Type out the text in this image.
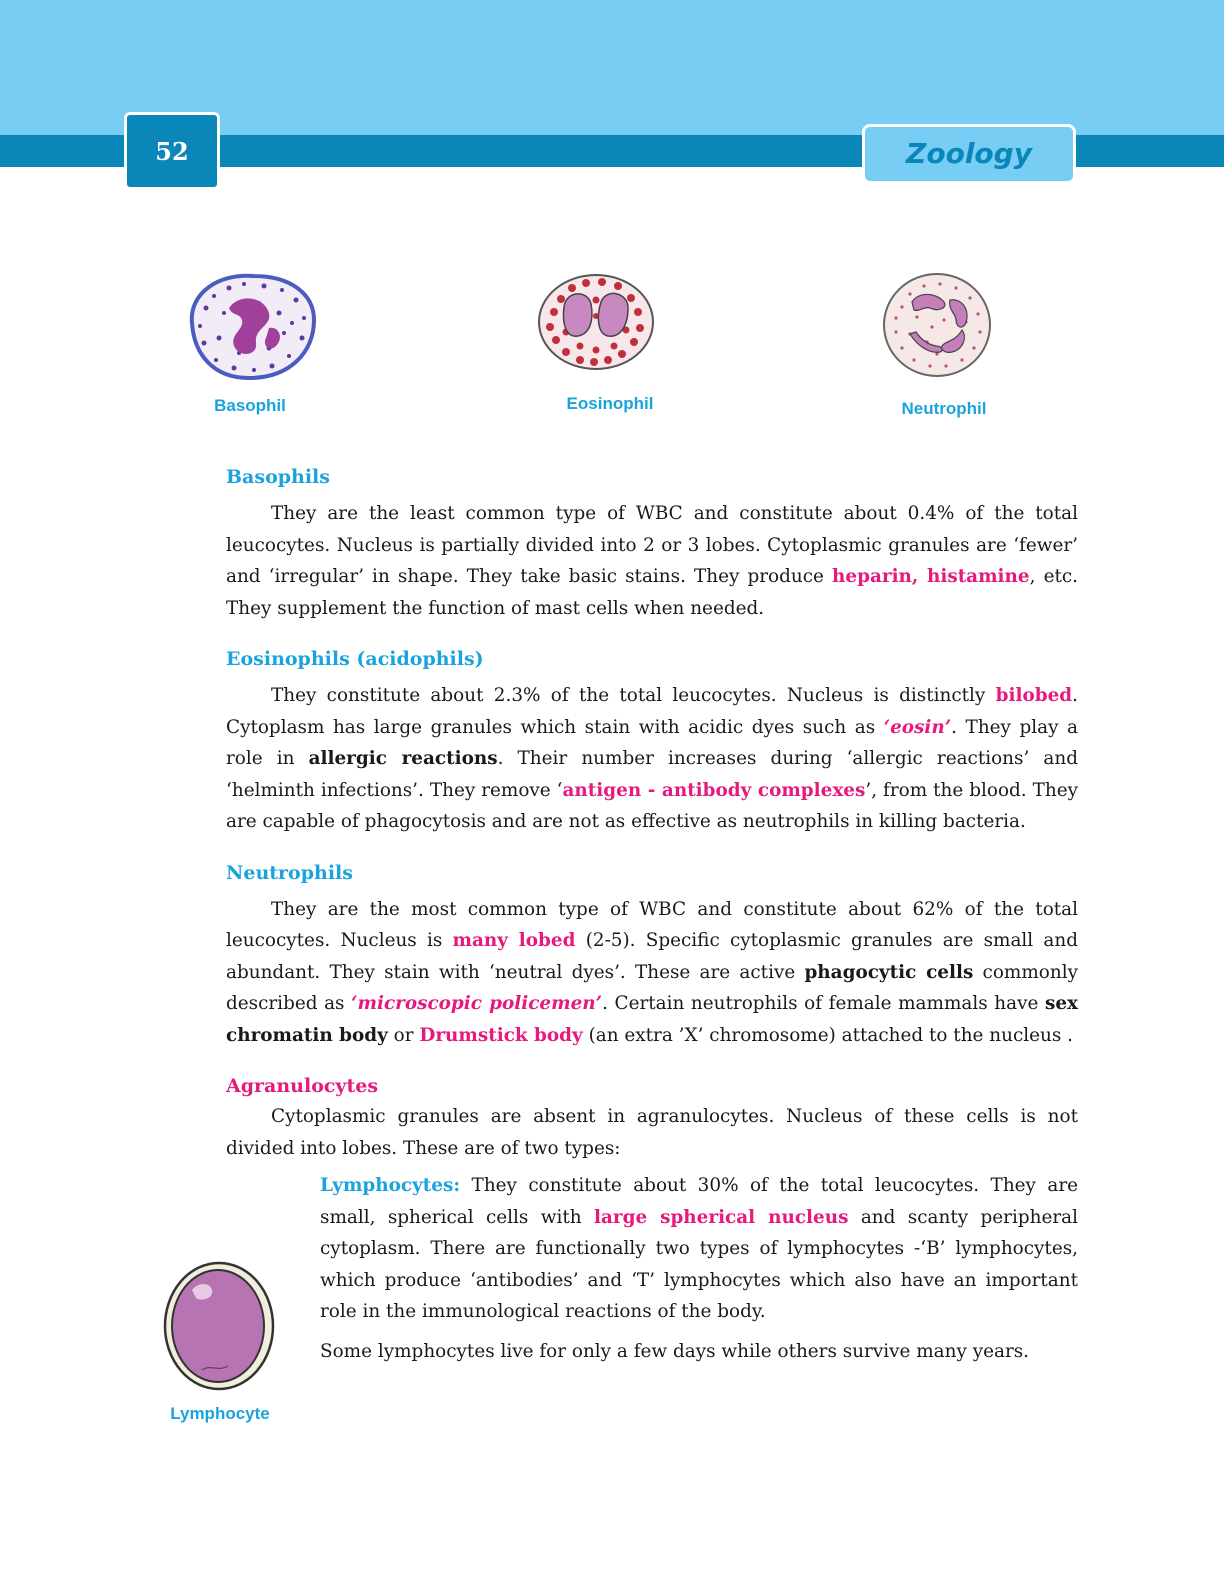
52	Zoology
Basophil	Eosinophil	Neutrophil
Basophils

They are the least common type of WBC and constitute about 0.4% of the total leucocytes. Nucleus is partially divided into 2 or 3 lobes. Cytoplasmic granules are ‘fewer’ and ‘irregular’ in shape. They take basic stains. They produce heparin, histamine, etc. They supplement the function of mast cells when needed.

Eosinophils (acidophils)

They constitute about 2.3% of the total leucocytes. Nucleus is distinctly bilobed. Cytoplasm has large granules which stain with acidic dyes such as ‘eosin’. They play a role in allergic reactions. Their number increases during ‘allergic reactions’ and ‘helminth infections’. They remove ‘antigen - antibody complexes’, from the blood. They are capable of phagocytosis and are not as effective as neutrophils in killing bacteria.

Neutrophils

They are the most common type of WBC and constitute about 62% of the total leucocytes. Nucleus is many lobed (2-5). Specific cytoplasmic granules are small and abundant. They stain with ‘neutral dyes’. These are active phagocytic cells commonly described as ‘microscopic policemen’. Certain neutrophils of female mammals have sex chromatin body or Drumstick body (an extra ’X’ chromosome) attached to the nucleus .

Agranulocytes

Cytoplasmic granules are absent in agranulocytes. Nucleus of these cells is not divided into lobes. These are of two types:

Lymphocytes: They constitute about 30% of the total leucocytes. They are small, spherical cells with large spherical nucleus and scanty peripheral cytoplasm. There are functionally two types of lymphocytes -‘B’ lymphocytes, which produce ‘antibodies’ and ‘T’ lymphocytes which also have an important role in the immunological reactions of the body.

Some lymphocytes live for only a few days while others survive many years.

Lymphocyte
